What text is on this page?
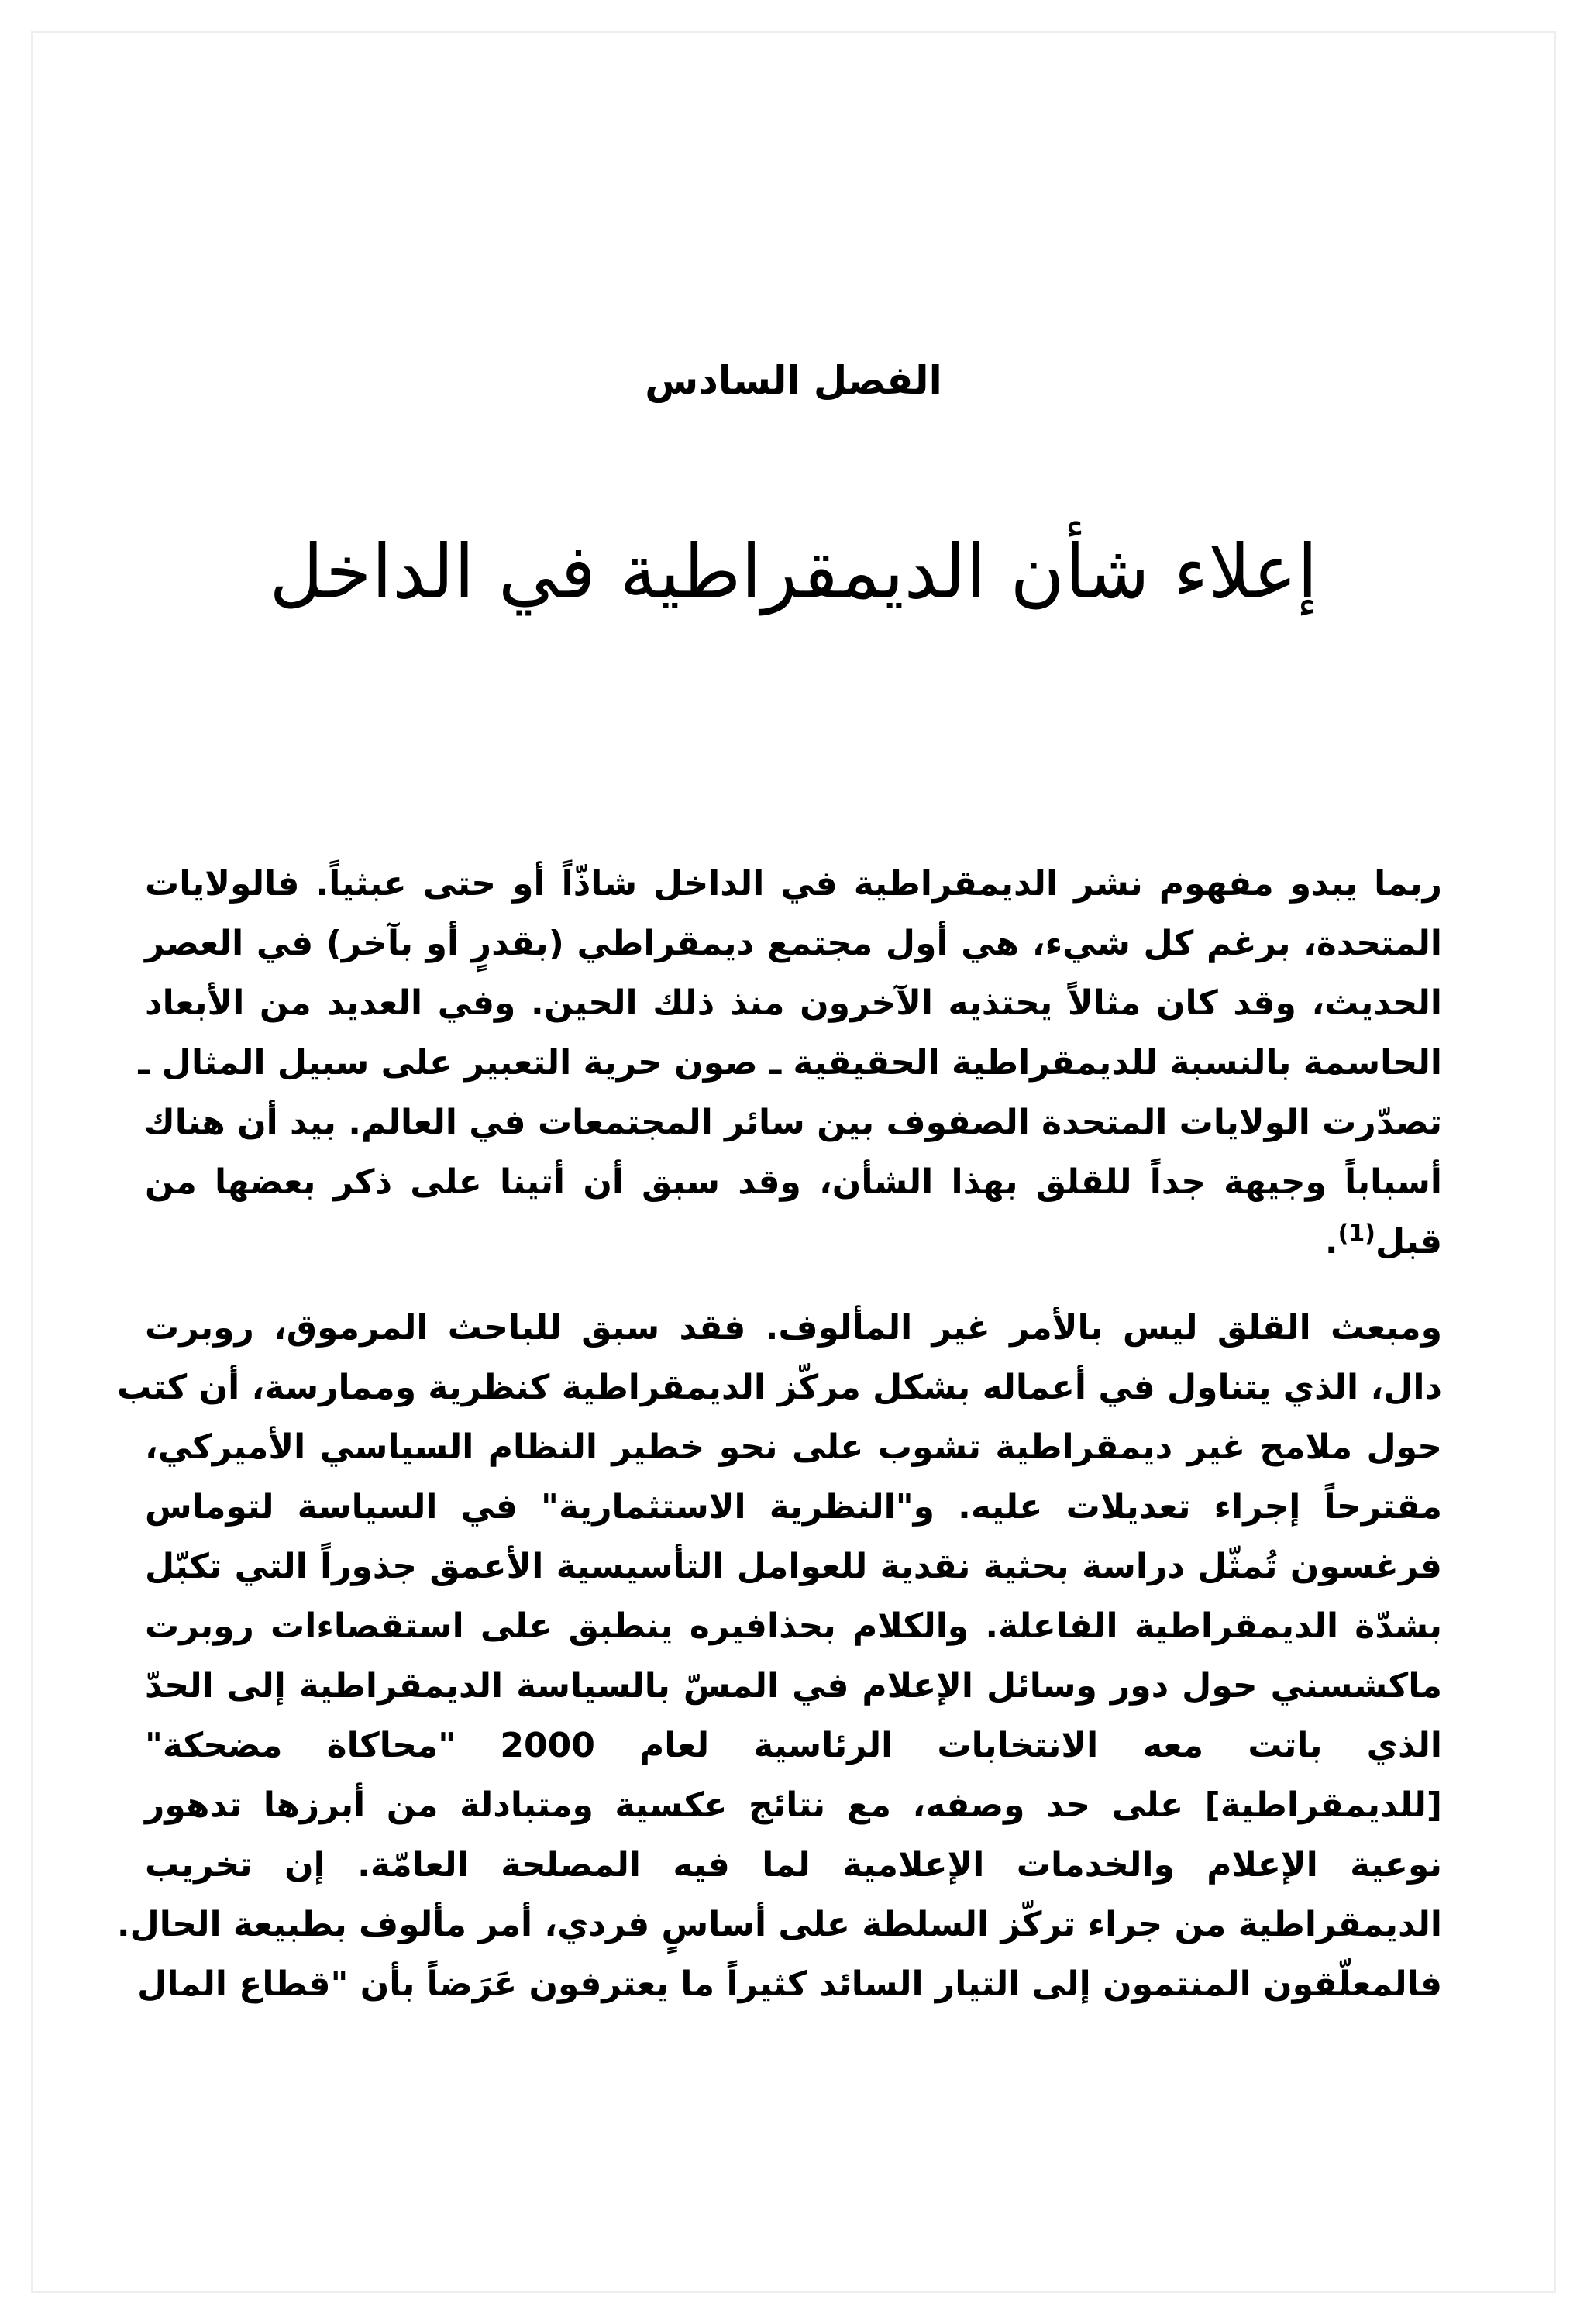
الفصل السادس
إعلاء شأن الديمقراطية في الداخل
ربما يبدو مفهوم نشر الديمقراطية في الداخل شاذّاً أو حتى عبثياً. فالولايات
المتحدة، برغم كل شيء، هي أول مجتمع ديمقراطي (بقدرٍ أو بآخر) في العصر
الحديث، وقد كان مثالاً يحتذيه الآخرون منذ ذلك الحين. وفي العديد من الأبعاد
الحاسمة بالنسبة للديمقراطية الحقيقية ـ صون حرية التعبير على سبيل المثال ـ
تصدّرت الولايات المتحدة الصفوف بين سائر المجتمعات في العالم. بيد أن هناك
أسباباً وجيهة جداً للقلق بهذا الشأن، وقد سبق أن أتينا على ذكر بعضها من
قبل$^{(1)}$.
ومبعث القلق ليس بالأمر غير المألوف. فقد سبق للباحث المرموق، روبرت
دال، الذي يتناول في أعماله بشكل مركّز الديمقراطية كنظرية وممارسة، أن كتب
حول ملامح غير ديمقراطية تشوب على نحو خطير النظام السياسي الأميركي،
مقترحاً إجراء تعديلات عليه. و"النظرية الاستثمارية" في السياسة لتوماس
فرغسون تُمثّل دراسة بحثية نقدية للعوامل التأسيسية الأعمق جذوراً التي تكبّل
بشدّة الديمقراطية الفاعلة. والكلام بحذافيره ينطبق على استقصاءات روبرت
ماكشسني حول دور وسائل الإعلام في المسّ بالسياسة الديمقراطية إلى الحدّ
الذي باتت معه الانتخابات الرئاسية لعام 2000 "محاكاة مضحكة"
[للديمقراطية] على حد وصفه، مع نتائج عكسية ومتبادلة من أبرزها تدهور
نوعية الإعلام والخدمات الإعلامية لما فيه المصلحة العامّة. إن تخريب
الديمقراطية من جراء تركّز السلطة على أساسٍ فردي، أمر مألوف بطبيعة الحال.
فالمعلّقون المنتمون إلى التيار السائد كثيراً ما يعترفون عَرَضاً بأن "قطاع المال
